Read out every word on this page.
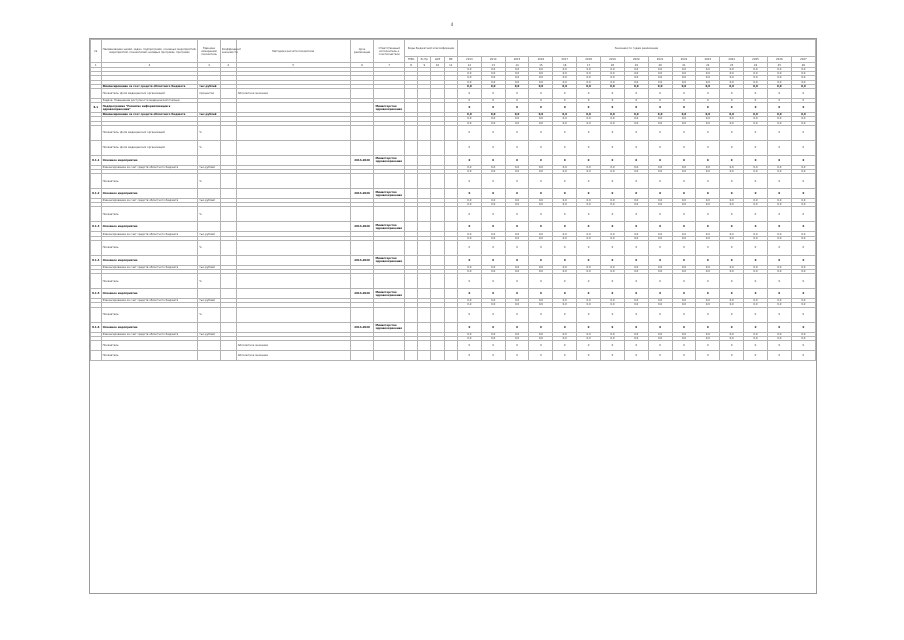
4
№	Наименование целей, задач, подпрограмм, основных мероприятий, мероприятий, показателей, целевых программ, программ	Единица измерения/ показатель	Коэффициент значимости	Методика расчета показателя	Срок реализации	Ответственный исполнитель и соисполнители	Коды бюджетной классификации				Значения по годам реализации														
							ГРБС	Рз Пр	ЦСР	ВР	2013	2014	2015	2016	2017	2018	2019	2020	2021	2022	2023	2024	2025	2026	2027
1	2	3	4	5	6	7	8	9	10	11	12	13	14	15	16	17	18	19	20	21	22	23	24	25	26
											0,0	0,0	0,0	0,0	0,0	0,0	0,0	0,0	0,0	0,0	0,0	0,0	0,0	0,0	0,0
											0,0	0,0	0,0	0,0	0,0	0,0	0,0	0,0	0,0	0,0	0,0	0,0	0,0	0,0	0,0
											0,0	0,0	0,0	0,0	0,0	0,0	0,0	0,0	0,0	0,0	0,0	0,0	0,0	0,0	0,0
											0,0	0,0	0,0	0,0	0,0	0,0	0,0	0,0	0,0	0,0	0,0	0,0	0,0	0,0	0,0
	Финансирование за счет средств областного бюджета	тыс.рублей									0,0	0,0	0,0	0,0	0,0	0,0	0,0	0,0	0,0	0,0	0,0	0,0	0,0	0,0	0,0
	Показатель: Доля медицинских организаций	процентов		Абсолютное значение							0	0	0	0	0	0	0	0	0	0	0	0	0	0	0
	Задача: Повышение доступности медицинской помощи										0	0	0	0	0	0	0	0	0	0	0	0	0	0	0
8.1	Подпрограмма "Развитие информатизации в здравоохранении"					Министерство здравоохранения					0	0	0	0	0	0	0	0	0	0	0	0	0	0	0
	Финансирование за счет средств областного бюджета	тыс.рублей									0,0	0,0	0,0	0,0	0,0	0,0	0,0	0,0	0,0	0,0	0,0	0,0	0,0	0,0	0,0
											0,0	0,0	0,0	0,0	0,0	0,0	0,0	0,0	0,0	0,0	0,0	0,0	0,0	0,0	0,0
											0,0	0,0	0,0	0,0	0,0	0,0	0,0	0,0	0,0	0,0	0,0	0,0	0,0	0,0	0,0
	Показатель: Доля медицинских организаций	%									0	0	0	0	0	0	0	0	0	0	0	0	0	0	0
	Показатель: Доля медицинских организаций	%									0	0	0	0	0	0	0	0	0	0	0	0	0	0	0
8.1.1	Основное мероприятие				2014-2020	Министерство здравоохранения					0	0	0	0	0	0	0	0	0	0	0	0	0	0	0
	Финансирование за счет средств областного бюджета	тыс.рублей									0,0	0,0	0,0	0,0	0,0	0,0	0,0	0,0	0,0	0,0	0,0	0,0	0,0	0,0	0,0
											0,0	0,0	0,0	0,0	0,0	0,0	0,0	0,0	0,0	0,0	0,0	0,0	0,0	0,0	0,0
	Показатель	%									0	0	0	0	0	0	0	0	0	0	0	0	0	0	0
8.1.2	Основное мероприятие				2014-2020	Министерство здравоохранения					0	0	0	0	0	0	0	0	0	0	0	0	0	0	0
	Финансирование за счет средств областного бюджета	тыс.рублей									0,0	0,0	0,0	0,0	0,0	0,0	0,0	0,0	0,0	0,0	0,0	0,0	0,0	0,0	0,0
											0,0	0,0	0,0	0,0	0,0	0,0	0,0	0,0	0,0	0,0	0,0	0,0	0,0	0,0	0,0
	Показатель	%									0	0	0	0	0	0	0	0	0	0	0	0	0	0	0
8.1.3	Основное мероприятие				2014-2020	Министерство здравоохранения					0	0	0	0	0	0	0	0	0	0	0	0	0	0	0
	Финансирование за счет средств областного бюджета	тыс.рублей									0,0	0,0	0,0	0,0	0,0	0,0	0,0	0,0	0,0	0,0	0,0	0,0	0,0	0,0	0,0
											0,0	0,0	0,0	0,0	0,0	0,0	0,0	0,0	0,0	0,0	0,0	0,0	0,0	0,0	0,0
	Показатель	%									0	0	0	0	0	0	0	0	0	0	0	0	0	0	0
8.1.4	Основное мероприятие				2014-2020	Министерство здравоохранения					0	0	0	0	0	0	0	0	0	0	0	0	0	0	0
	Финансирование за счет средств областного бюджета	тыс.рублей									0,0	0,0	0,0	0,0	0,0	0,0	0,0	0,0	0,0	0,0	0,0	0,0	0,0	0,0	0,0
											0,0	0,0	0,0	0,0	0,0	0,0	0,0	0,0	0,0	0,0	0,0	0,0	0,0	0,0	0,0
	Показатель	%									0	0	0	0	0	0	0	0	0	0	0	0	0	0	0
8.1.5	Основное мероприятие				2014-2020	Министерство здравоохранения					0	0	0	0	0	0	0	0	0	0	0	0	0	0	0
	Финансирование за счет средств областного бюджета	тыс.рублей									0,0	0,0	0,0	0,0	0,0	0,0	0,0	0,0	0,0	0,0	0,0	0,0	0,0	0,0	0,0
											0,0	0,0	0,0	0,0	0,0	0,0	0,0	0,0	0,0	0,0	0,0	0,0	0,0	0,0	0,0
	Показатель	%									0	0	0	0	0	0	0	0	0	0	0	0	0	0	0
8.1.6	Основное мероприятие				2014-2020	Министерство здравоохранения					0	0	0	0	0	0	0	0	0	0	0	0	0	0	0
	Финансирование за счет средств областного бюджета	тыс.рублей									0,0	0,0	0,0	0,0	0,0	0,0	0,0	0,0	0,0	0,0	0,0	0,0	0,0	0,0	0,0
											0,0	0,0	0,0	0,0	0,0	0,0	0,0	0,0	0,0	0,0	0,0	0,0	0,0	0,0	0,0
	Показатель			Абсолютное значение							0	0	0	0	0	0	0	0	0	0	0	0	0	0	0
	Показатель			Абсолютное значение							0	0	0	0	0	0	0	0	0	0	0	0	0	0	0
